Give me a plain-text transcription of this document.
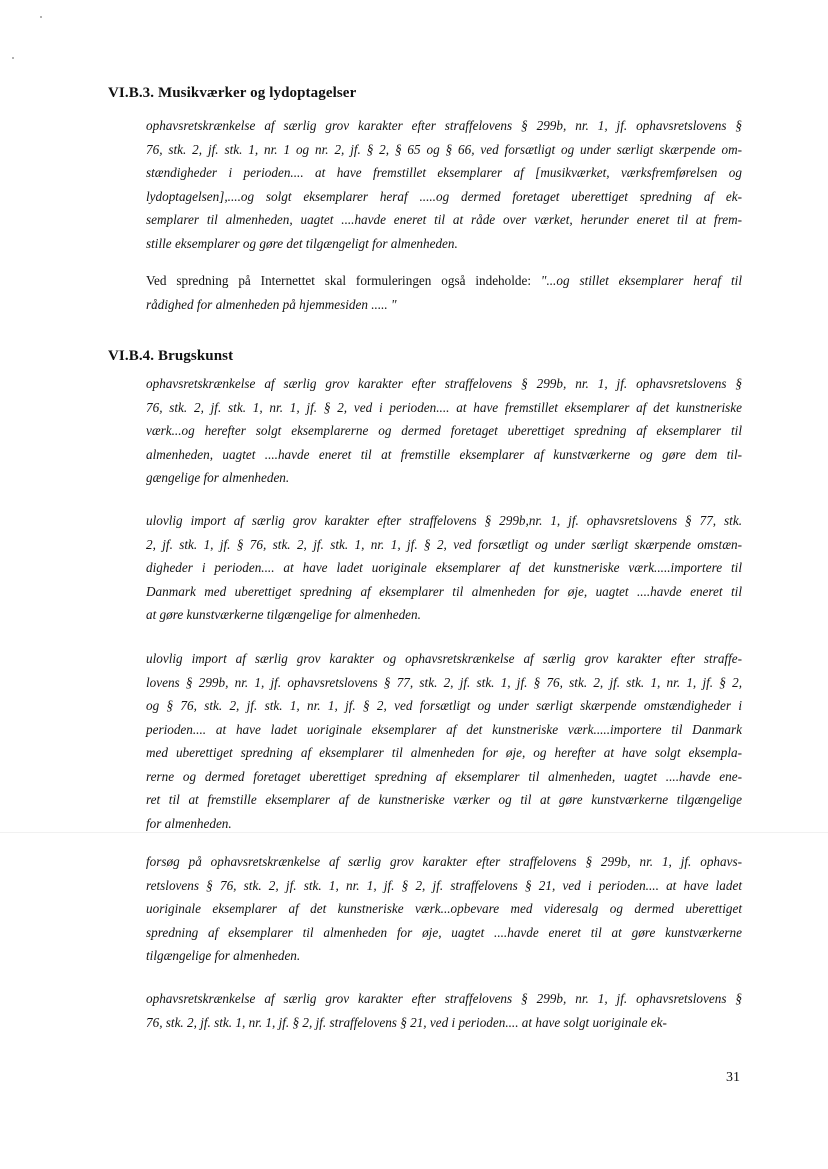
VI.B.3. Musikværker og lydoptagelser
ophavsretskrænkelse af særlig grov karakter efter straffelovens § 299b, nr. 1, jf. ophavsretslovens §
76, stk. 2, jf. stk. 1, nr. 1 og nr. 2, jf. § 2, § 65 og § 66, ved forsætligt og under særligt skærpende om-
stændigheder i perioden.... at have fremstillet eksemplarer af [musikværket, værksfremførelsen og
lydoptagelsen],....og solgt eksemplarer heraf .....og dermed foretaget uberettiget spredning af ek-
semplarer til almenheden, uagtet ....havde eneret til at råde over værket, herunder eneret til at frem-
stille eksemplarer og gøre det tilgængeligt for almenheden.
Ved spredning på Internettet skal formuleringen også indeholde: "...og stillet eksemplarer heraf til
rådighed for almenheden på hjemmesiden ..... "
VI.B.4. Brugskunst
ophavsretskrænkelse af særlig grov karakter efter straffelovens § 299b, nr. 1, jf. ophavsretslovens §
76, stk. 2, jf. stk. 1, nr. 1, jf. § 2, ved i perioden.... at have fremstillet eksemplarer af det kunstneriske
værk...og herefter solgt eksemplarerne og dermed foretaget uberettiget spredning af eksemplarer til
almenheden, uagtet ....havde eneret til at fremstille eksemplarer af kunstværkerne og gøre dem til-
gængelige for almenheden.
ulovlig import af særlig grov karakter efter straffelovens § 299b,nr. 1, jf. ophavsretslovens § 77, stk.
2, jf. stk. 1, jf. § 76, stk. 2, jf. stk. 1, nr. 1, jf. § 2, ved forsætligt og under særligt skærpende omstæn-
digheder i perioden.... at have ladet uoriginale eksemplarer af det kunstneriske værk.....importere til
Danmark med uberettiget spredning af eksemplarer til almenheden for øje, uagtet ....havde eneret til
at gøre kunstværkerne tilgængelige for almenheden.
ulovlig import af særlig grov karakter og ophavsretskrænkelse af særlig grov karakter efter straffe-
lovens § 299b, nr. 1, jf. ophavsretslovens § 77, stk. 2, jf. stk. 1, jf. § 76, stk. 2, jf. stk. 1, nr. 1, jf. § 2,
og § 76, stk. 2, jf. stk. 1, nr. 1, jf. § 2, ved forsætligt og under særligt skærpende omstændigheder i
perioden.... at have ladet uoriginale eksemplarer af det kunstneriske værk.....importere til Danmark
med uberettiget spredning af eksemplarer til almenheden for øje, og herefter at have solgt eksempla-
rerne og dermed foretaget uberettiget spredning af eksemplarer til almenheden, uagtet ....havde ene-
ret til at fremstille eksemplarer af de kunstneriske værker og til at gøre kunstværkerne tilgængelige
for almenheden.
forsøg på ophavsretskrænkelse af særlig grov karakter efter straffelovens § 299b, nr. 1, jf. ophavs-
retslovens § 76, stk. 2, jf. stk. 1, nr. 1, jf. § 2, jf. straffelovens § 21, ved i perioden.... at have ladet
uoriginale eksemplarer af det kunstneriske værk...opbevare med videresalg og dermed uberettiget
spredning af eksemplarer til almenheden for øje, uagtet ....havde eneret til at gøre kunstværkerne
tilgængelige for almenheden.
ophavsretskrænkelse af særlig grov karakter efter straffelovens § 299b, nr. 1, jf. ophavsretslovens §
76, stk. 2, jf. stk. 1, nr. 1, jf. § 2, jf. straffelovens § 21, ved i perioden.... at have solgt uoriginale ek-
31
